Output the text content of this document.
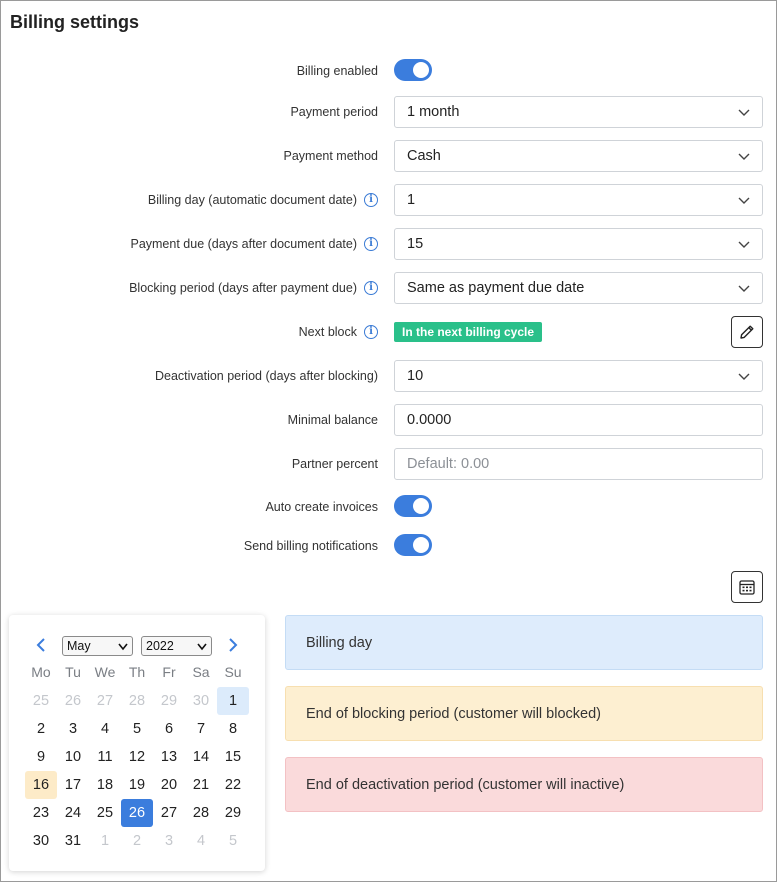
Billing settings
Billing enabled
Payment period 1 month
Payment method Cash
Billing day (automatic document date)	i	1
Payment due (days after document date)	i	15
Blocking period (days after payment due)	i	Same as payment due date
Next block	i	In the next billing cycle
Deactivation period (days after blocking) 10
Minimal balance 0.0000
Partner percent Default: 0.00
Auto create invoices
Send billing notifications
May	2022
Mo	Tu We Th	Fr	Sa	Su
25	26	27	28	29	30	1
2	3	4	5	6	7	8
9	10	11	12	13	14	15
16	17	18	19	20	21	22
23	24	25	26	27	28	29
30	31	1	2	3	4	5
Billing day
End of blocking period (customer will blocked)
End of deactivation period (customer will inactive)
